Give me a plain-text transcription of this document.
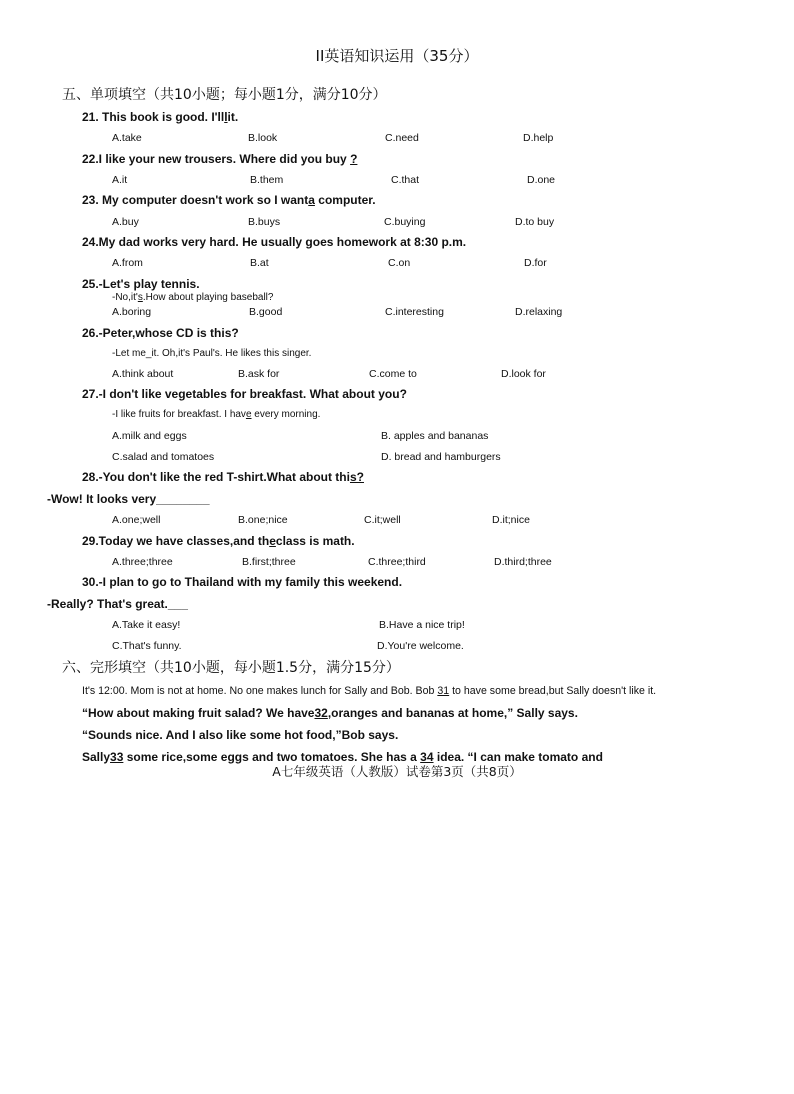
II英语知识运用（35分）
五、单项填空（共10小题；每小题1分，满分10分）
21. This book is good. I'lllit.
A.take	B.look	C.need	D.help
22.I like your new trousers. Where did you buy ?
A.it	B.them	C.that	D.one
23. My computer doesn't work so I wanta computer.
A.buy	B.buys	C.buying	D.to buy
24.My dad works very hard. He usually goes homework at 8:30 p.m.
A.from	B.at	C.on	D.for
25.-Let's play tennis.
-No,it's.How about playing baseball?
A.boring	B.good	C.interesting	D.relaxing
26.-Peter,whose CD is this?
-Let me_it. Oh,it's Paul's. He likes this singer.
A.think about	B.ask for	C.come to	D.look for
27.-I don't like vegetables for breakfast. What about you?
-I like fruits for breakfast. I have every morning.
A.milk and eggs	B. apples and bananas
C.salad and tomatoes	D. bread and hamburgers
28.-You don't like the red T-shirt.What about this?
-Wow! It looks very________
A.one;well	B.one;nice	C.it;well	D.it;nice
29.Today we have classes,and theclass is math.
A.three;three	B.first;three	C.three;third	D.third;three
30.-I plan to go to Thailand with my family this weekend.
-Really? That's great.___
A.Take it easy!	B.Have a nice trip!
C.That's funny.	D.You're welcome.
六、完形填空（共10小题，每小题1.5分，满分15分）
It's 12:00. Mom is not at home. No one makes lunch for Sally and Bob. Bob 31 to have some bread,but Sally doesn't like it.
“How about making fruit salad? We have32,oranges and bananas at home,” Sally says.
“Sounds nice. And I also like some hot food,”Bob says.
Sally33 some rice,some eggs and two tomatoes. She has a 34 idea. “I can make tomato and
A七年级英语（人教版）试卷第3页（共8页）
